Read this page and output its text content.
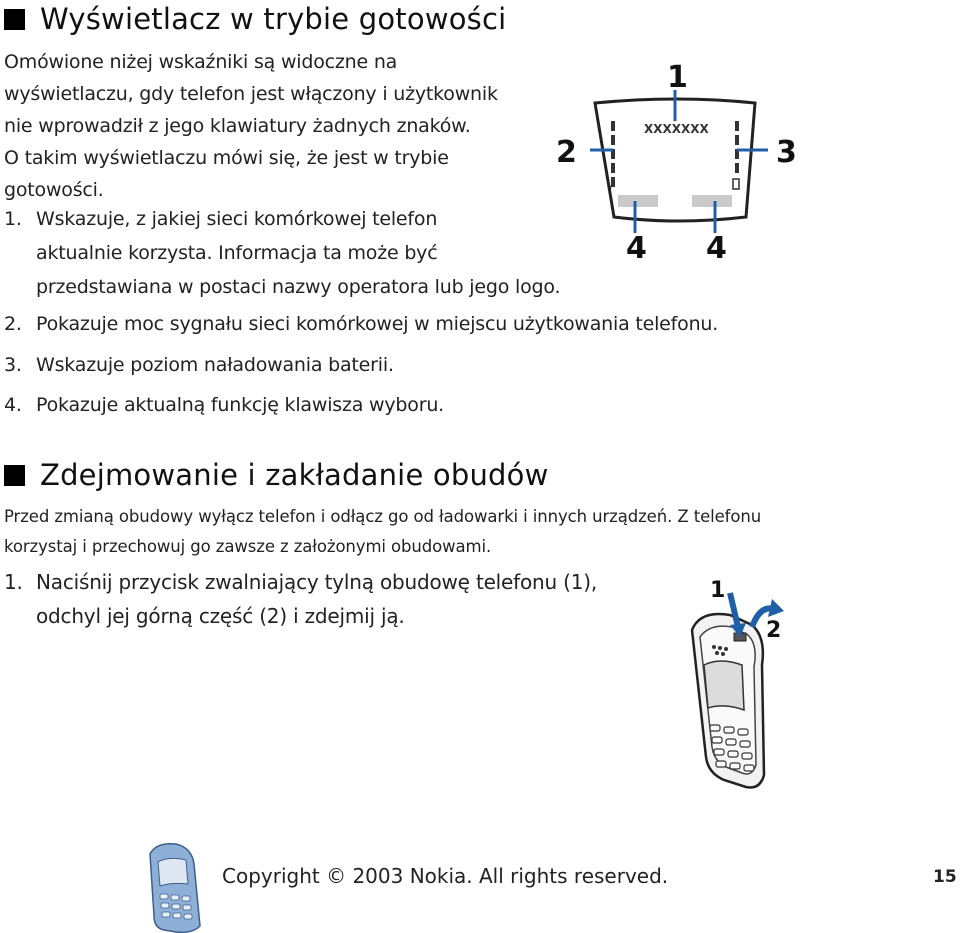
Wyświetlacz w trybie gotowości
Omówione niżej wskaźniki są widoczne na
wyświetlaczu, gdy telefon jest włączony i użytkownik
nie wprowadził z jego klawiatury żadnych znaków.
O takim wyświetlaczu mówi się, że jest w trybie
gotowości.
1. Wskazuje, z jakiej sieci komórkowej telefon
aktualnie korzysta. Informacja ta może być
przedstawiana w postaci nazwy operatora lub jego logo.
2. Pokazuje moc sygnału sieci komórkowej w miejscu użytkowania telefonu.
3. Wskazuje poziom naładowania baterii.
4. Pokazuje aktualną funkcję klawisza wyboru.
Y
XXXXXXX
1
2	3
4 4
Zdejmowanie i zakładanie obudów
Przed zmianą obudowy wyłącz telefon i odłącz go od ładowarki i innych urządzeń. Z telefonu
korzystaj i przechowuj go zawsze z założonymi obudowami.
1. Naciśnij przycisk zwalniający tylną obudowę telefonu (1),
odchyl jej górną część (2) i zdejmij ją.
1
2
Copyright © 2003 Nokia. All rights reserved.	15
